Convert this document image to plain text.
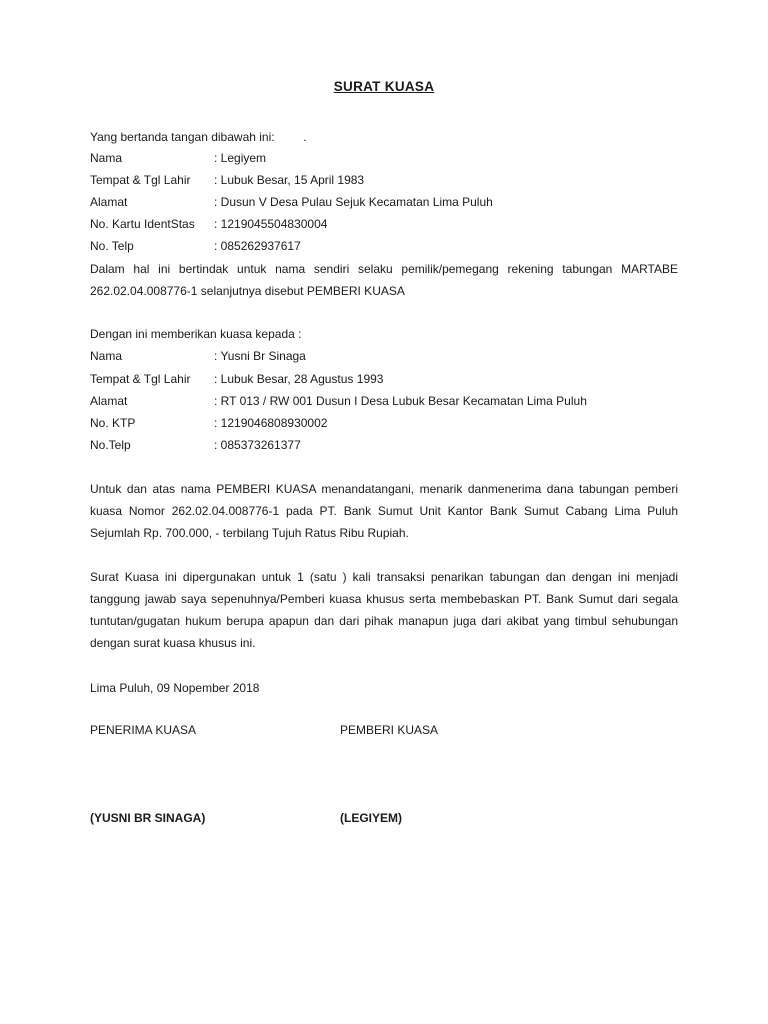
SURAT KUASA
Yang bertanda tangan dibawah ini: .
Nama	: Legiyem
Tempat & Tgl Lahir : Lubuk Besar, 15 April 1983
Alamat	: Dusun V Desa Pulau Sejuk Kecamatan Lima Puluh
No. Kartu IdentStas : 1219045504830004
No. Telp	: 085262937617
Dalam hal ini bertindak untuk nama sendiri selaku pemilik/pemegang rekening tabungan MARTABE 262.02.04.008776-1 selanjutnya disebut PEMBERI KUASA
Dengan ini memberikan kuasa kepada :
Nama	: Yusni Br Sinaga
Tempat & Tgl Lahir : Lubuk Besar, 28 Agustus 1993
Alamat	: RT 013 / RW 001 Dusun I Desa Lubuk Besar Kecamatan Lima Puluh
No. KTP	: 1219046808930002
No.Telp	: 085373261377
Untuk dan atas nama PEMBERI KUASA menandatangani, menarik danmenerima dana tabungan pemberi kuasa Nomor 262.02.04.008776-1 pada PT. Bank Sumut Unit Kantor Bank Sumut Cabang Lima Puluh Sejumlah Rp. 700.000, - terbilang Tujuh Ratus Ribu Rupiah.
Surat Kuasa ini dipergunakan untuk 1 (satu ) kali transaksi penarikan tabungan dan dengan ini menjadi tanggung jawab saya sepenuhnya/Pemberi kuasa khusus serta membebaskan PT. Bank Sumut dari segala tuntutan/gugatan hukum berupa apapun dan dari pihak manapun juga dari akibat yang timbul sehubungan dengan surat kuasa khusus ini.
Lima Puluh, 09 Nopember 2018
PENERIMA KUASA	PEMBERI KUASA
(YUSNI BR SINAGA)	(LEGIYEM)
